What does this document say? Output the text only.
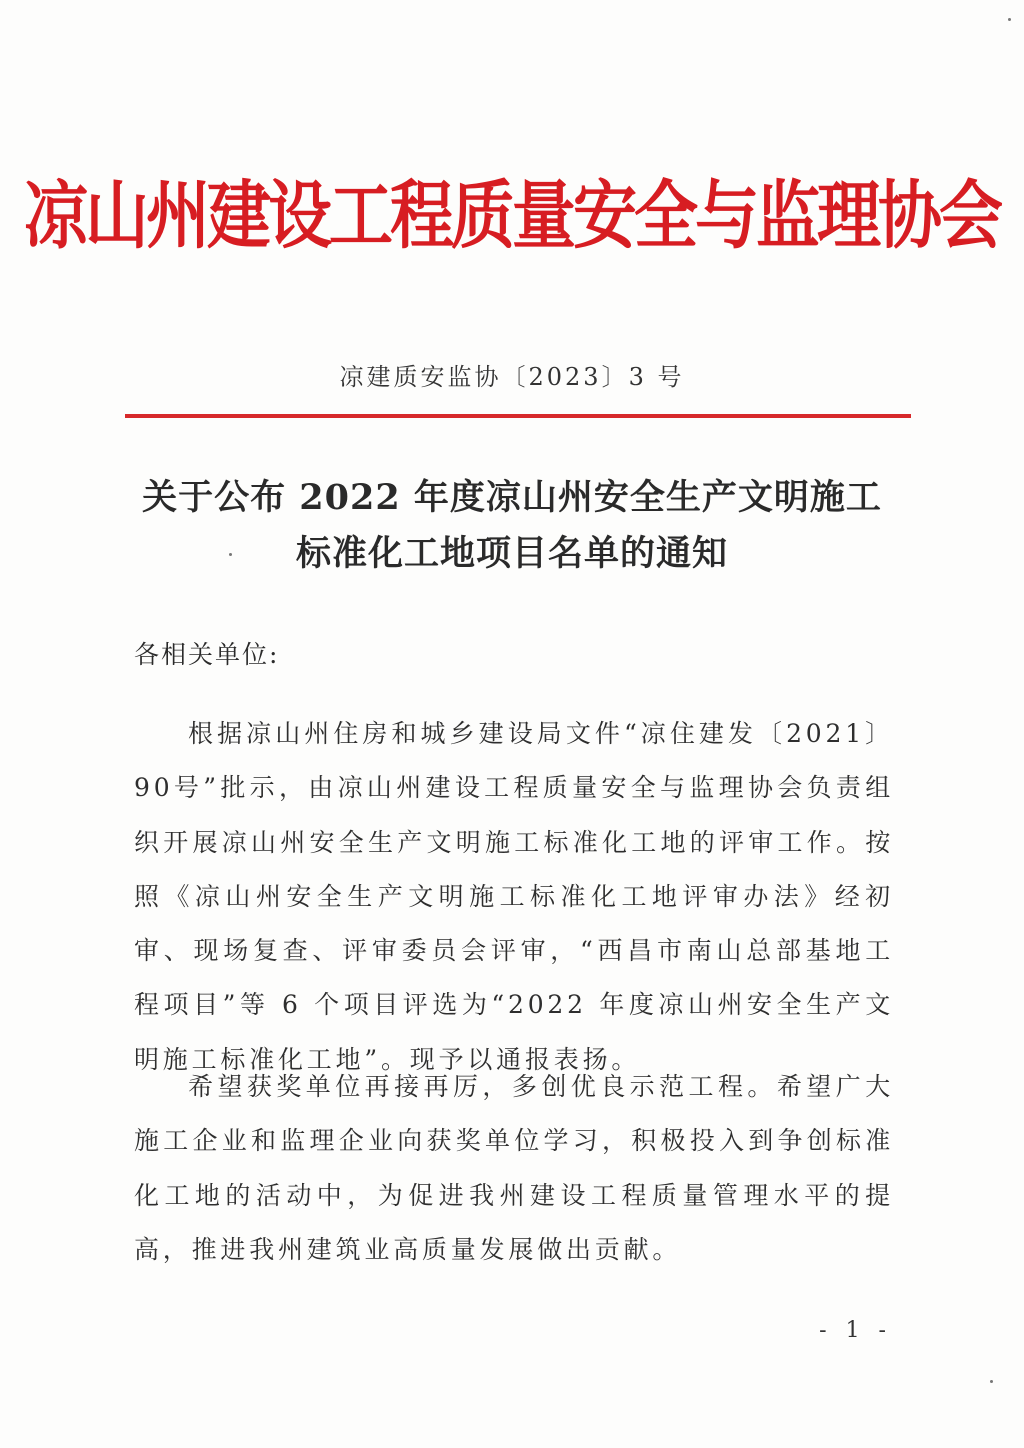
凉山州建设工程质量安全与监理协会
凉建质安监协〔2023〕3 号
关于公布 2022 年度凉山州安全生产文明施工
标准化工地项目名单的通知
各相关单位:

根据凉山州住房和城乡建设局文件“凉住建发〔2021〕90号”批示，由凉山州建设工程质量安全与监理协会负责组织开展凉山州安全生产文明施工标准化工地的评审工作。按照《凉山州安全生产文明施工标准化工地评审办法》经初审、现场复查、评审委员会评审，“西昌市南山总部基地工程项目”等 6 个项目评选为“2022 年度凉山州安全生产文明施工标准化工地”。现予以通报表扬。

希望获奖单位再接再厉，多创优良示范工程。希望广大施工企业和监理企业向获奖单位学习，积极投入到争创标准化工地的活动中，为促进我州建设工程质量管理水平的提高，推进我州建筑业高质量发展做出贡献。

- 1 -
